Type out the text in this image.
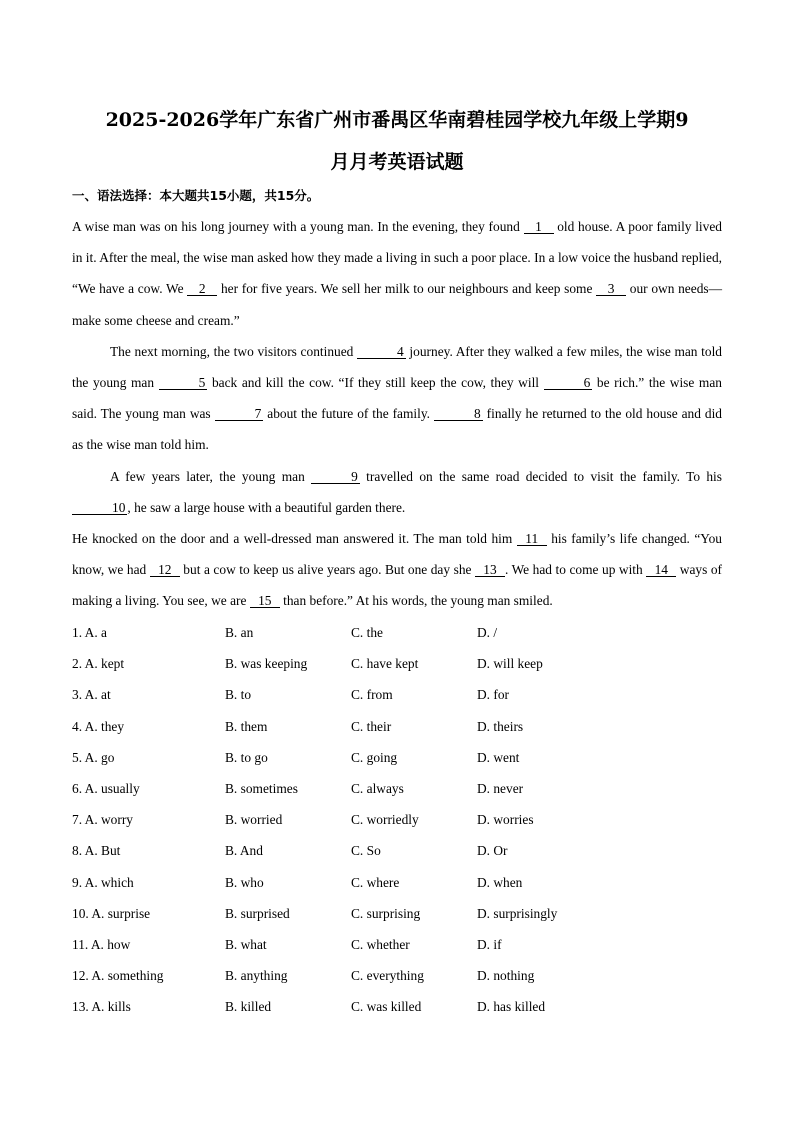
2025-2026学年广东省广州市番禺区华南碧桂园学校九年级上学期9
月月考英语试题
一、语法选择：本大题共15小题，共15分。

A wise man was on his long journey with a young man. In the evening, they found 1 old house. A poor family lived in it. After the meal, the wise man asked how they made a living in such a poor place. In a low voice the husband replied, “We have a cow. We 2 her for five years. We sell her milk to our neighbours and keep some 3 our own needs—make some cheese and cream.”

The next morning, the two visitors continued	4 journey. After they walked a few miles, the wise man told the young man	5 back and kill the cow. “If they still keep the cow, they will	6 be rich.” the wise man said. The young man was	7 about the future of the family.	8 finally he returned to the old house and did as the wise man told him.

A few years later, the young man	9 travelled on the same road decided to visit the family. To his 10 , he saw a large house with a beautiful garden there.

He knocked on the door and a well-dressed man answered it. The man told him 11 his family’s life changed. “You know, we had 12 but a cow to keep us alive years ago. But one day she 13 . We had to come up with 14 ways of making a living. You see, we are 15 than before.” At his words, the young man smiled.

1. A. a	B. an	C. the	D. /
2. A. kept	B. was keeping	C. have kept	D. will keep
3. A. at	B. to	C. from	D. for
4. A. they	B. them	C. their	D. theirs
5. A. go	B. to go	C. going	D. went
6. A. usually	B. sometimes	C. always	D. never
7. A. worry	B. worried	C. worriedly	D. worries
8. A. But	B. And	C. So	D. Or
9. A. which	B. who	C. where	D. when
10. A. surprise	B. surprised	C. surprising	D. surprisingly
11. A. how	B. what	C. whether	D. if
12. A. something	B. anything	C. everything	D. nothing
13. A. kills	B. killed	C. was killed	D. has killed
